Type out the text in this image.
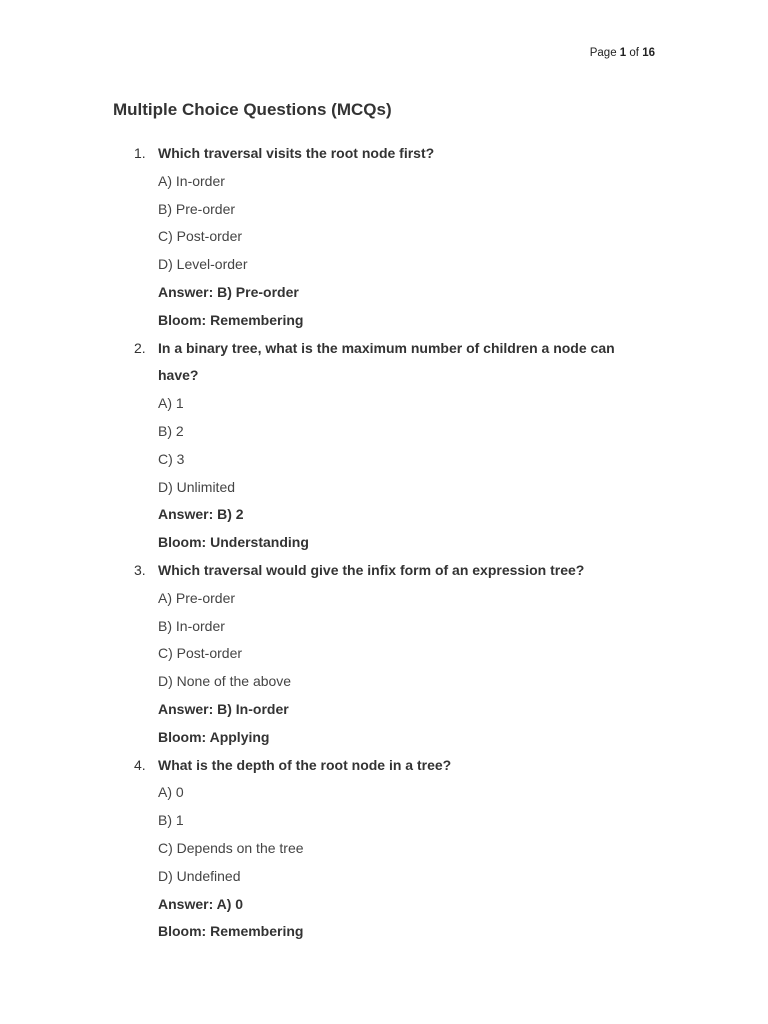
Page 1 of 16
Multiple Choice Questions (MCQs)
1. Which traversal visits the root node first?
A) In-order
B) Pre-order
C) Post-order
D) Level-order
Answer: B) Pre-order
Bloom: Remembering
2. In a binary tree, what is the maximum number of children a node can have?
A) 1
B) 2
C) 3
D) Unlimited
Answer: B) 2
Bloom: Understanding
3. Which traversal would give the infix form of an expression tree?
A) Pre-order
B) In-order
C) Post-order
D) None of the above
Answer: B) In-order
Bloom: Applying
4. What is the depth of the root node in a tree?
A) 0
B) 1
C) Depends on the tree
D) Undefined
Answer: A) 0
Bloom: Remembering
